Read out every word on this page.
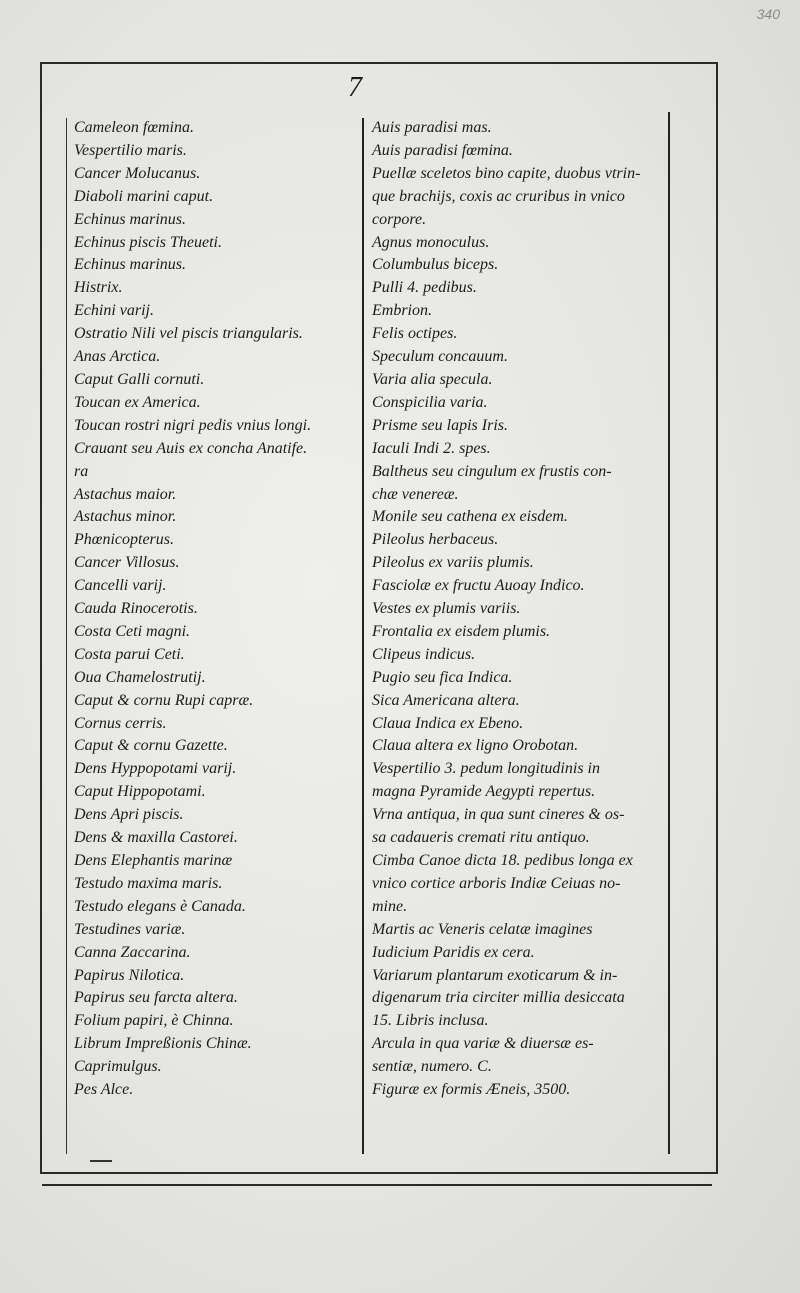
340
7
Cameleon fœmina.
Vespertilio maris.
Cancer Molucanus.
Diaboli marini caput.
Echinus marinus.
Echinus piscis Theueti.
Echinus marinus.
Histrix.
Echini varij.
Ostratio Nili vel piscis triangularis.
Anas Arctica.
Caput Galli cornuti.
Toucan ex America.
Toucan rostri nigri pedis vnius longi.
Crauant seu Auis ex concha Anatife.
ra
Astachus maior.
Astachus minor.
Phœnicopterus.
Cancer Villosus.
Cancelli varij.
Cauda Rinocerotis.
Costa Ceti magni.
Costa parui Ceti.
Oua Chamelostrutij.
Caput & cornu Rupi capræ.
Cornus cerris.
Caput & cornu Gazette.
Dens Hyppopotami varij.
Caput Hippopotami.
Dens Apri piscis.
Dens & maxilla Castorei.
Dens Elephantis marinæ
Testudo maxima maris.
Testudo elegans è Canada.
Testudines variæ.
Canna Zaccarina.
Papirus Nilotica.
Papirus seu farcta altera.
Folium papiri, è Chinna.
Librum Impreßionis Chinæ.
Caprimulgus.
Pes Alce.
Auis paradisi mas.
Auis paradisi fœmina.
Puellæ sceletos bino capite, duobus vtrin-
que brachijs, coxis ac cruribus in vnico
corpore.
Agnus monoculus.
Columbulus biceps.
Pulli 4. pedibus.
Embrion.
Felis octipes.
Speculum concauum.
Varia alia specula.
Conspicilia varia.
Prisme seu lapis Iris.
Iaculi Indi 2. spes.
Baltheus seu cingulum ex frustis con-
chæ venereæ.
Monile seu cathena ex eisdem.
Pileolus herbaceus.
Pileolus ex variis plumis.
Fasciolæ ex fructu Auoay Indico.
Vestes ex plumis variis.
Frontalia ex eisdem plumis.
Clipeus indicus.
Pugio seu fica Indica.
Sica Americana altera.
Claua Indica ex Ebeno.
Claua altera ex ligno Orobotan.
Vespertilio 3. pedum longitudinis in
magna Pyramide Aegypti repertus.
Vrna antiqua, in qua sunt cineres & os-
sa cadaueris cremati ritu antiquo.
Cimba Canoe dicta 18. pedibus longa ex
vnico cortice arboris Indiæ Ceiuas no-
mine.
Martis ac Veneris celatæ imagines
Iudicium Paridis ex cera.
Variarum plantarum exoticarum & in-
digenarum tria circiter millia desiccata
15. Libris inclusa.
Arcula in qua variæ & diuersæ es-
sentiæ, numero. C.
Figuræ ex formis Æneis, 3500.
